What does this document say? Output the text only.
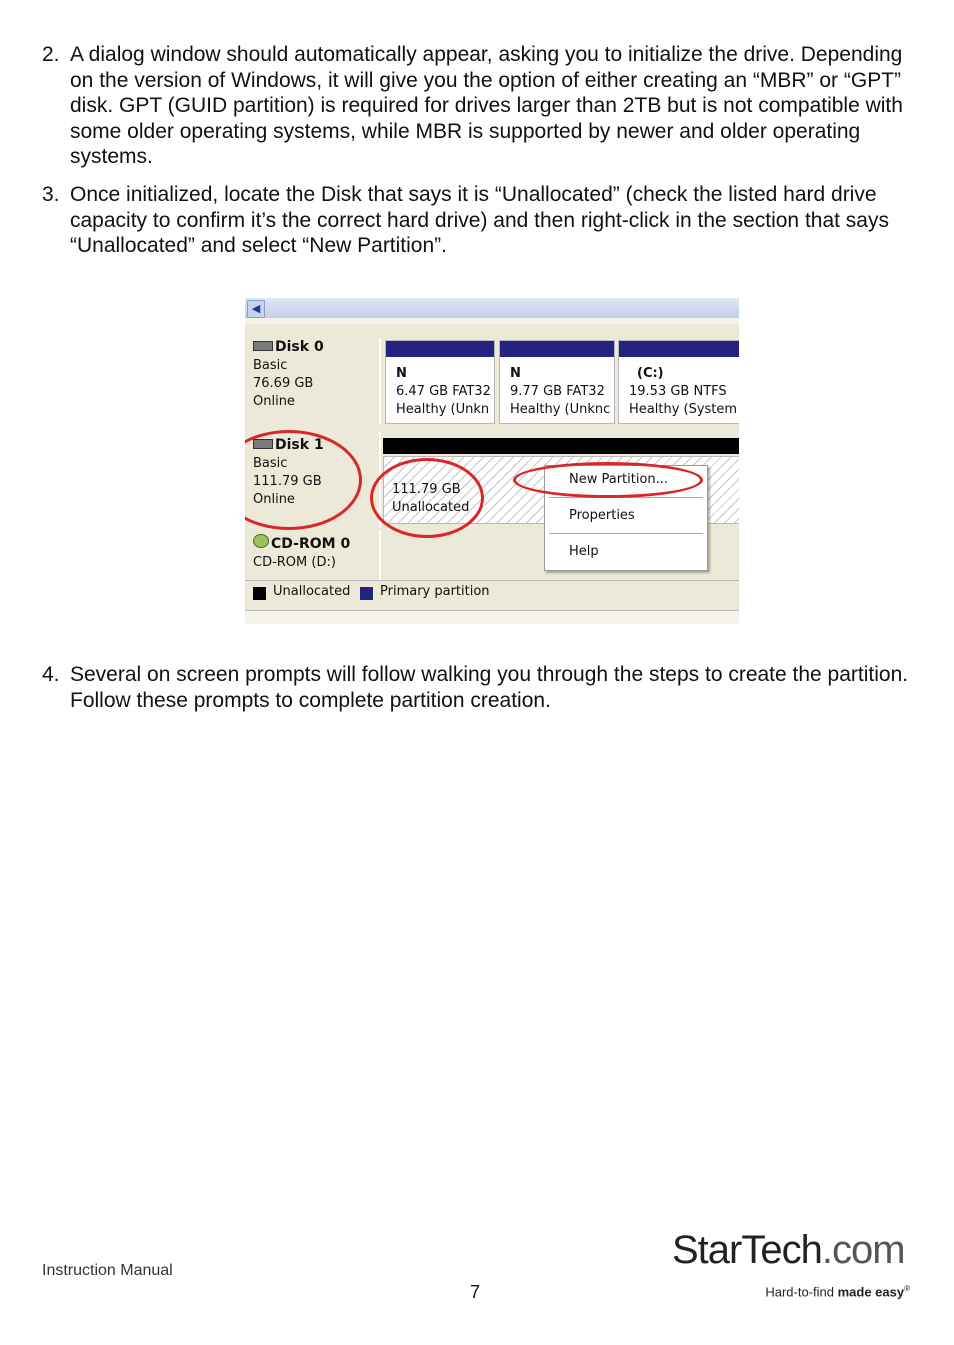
2. A dialog window should automatically appear, asking you to initialize the drive. Depending on the version of Windows, it will give you the option of either creating an “MBR” or “GPT” disk. GPT (GUID partition) is required for drives larger than 2TB but is not compatible with some older operating systems, while MBR is supported by newer and older operating systems.
3. Once initialized, locate the Disk that says it is “Unallocated” (check the listed hard drive capacity to confirm it’s the correct hard drive) and then right-click in the section that says “Unallocated” and select “New Partition”.
◀
Disk 0
Basic
76.69 GB
Online
N
6.47 GB FAT32
Healthy (Unkn
N
9.77 GB FAT32
Healthy (Unknc
(C:)
19.53 GB NTFS
Healthy (System
Disk 1
Basic
111.79 GB
Online
111.79 GB
Unallocated
CD-ROM 0
CD-ROM (D:)
Unallocated Primary partition
New Partition...
Properties
Help
4. Several on screen prompts will follow walking you through the steps to create the partition. Follow these prompts to complete partition creation.
Instruction Manual
7
StarTech.com
Hard-to-find made easy®
